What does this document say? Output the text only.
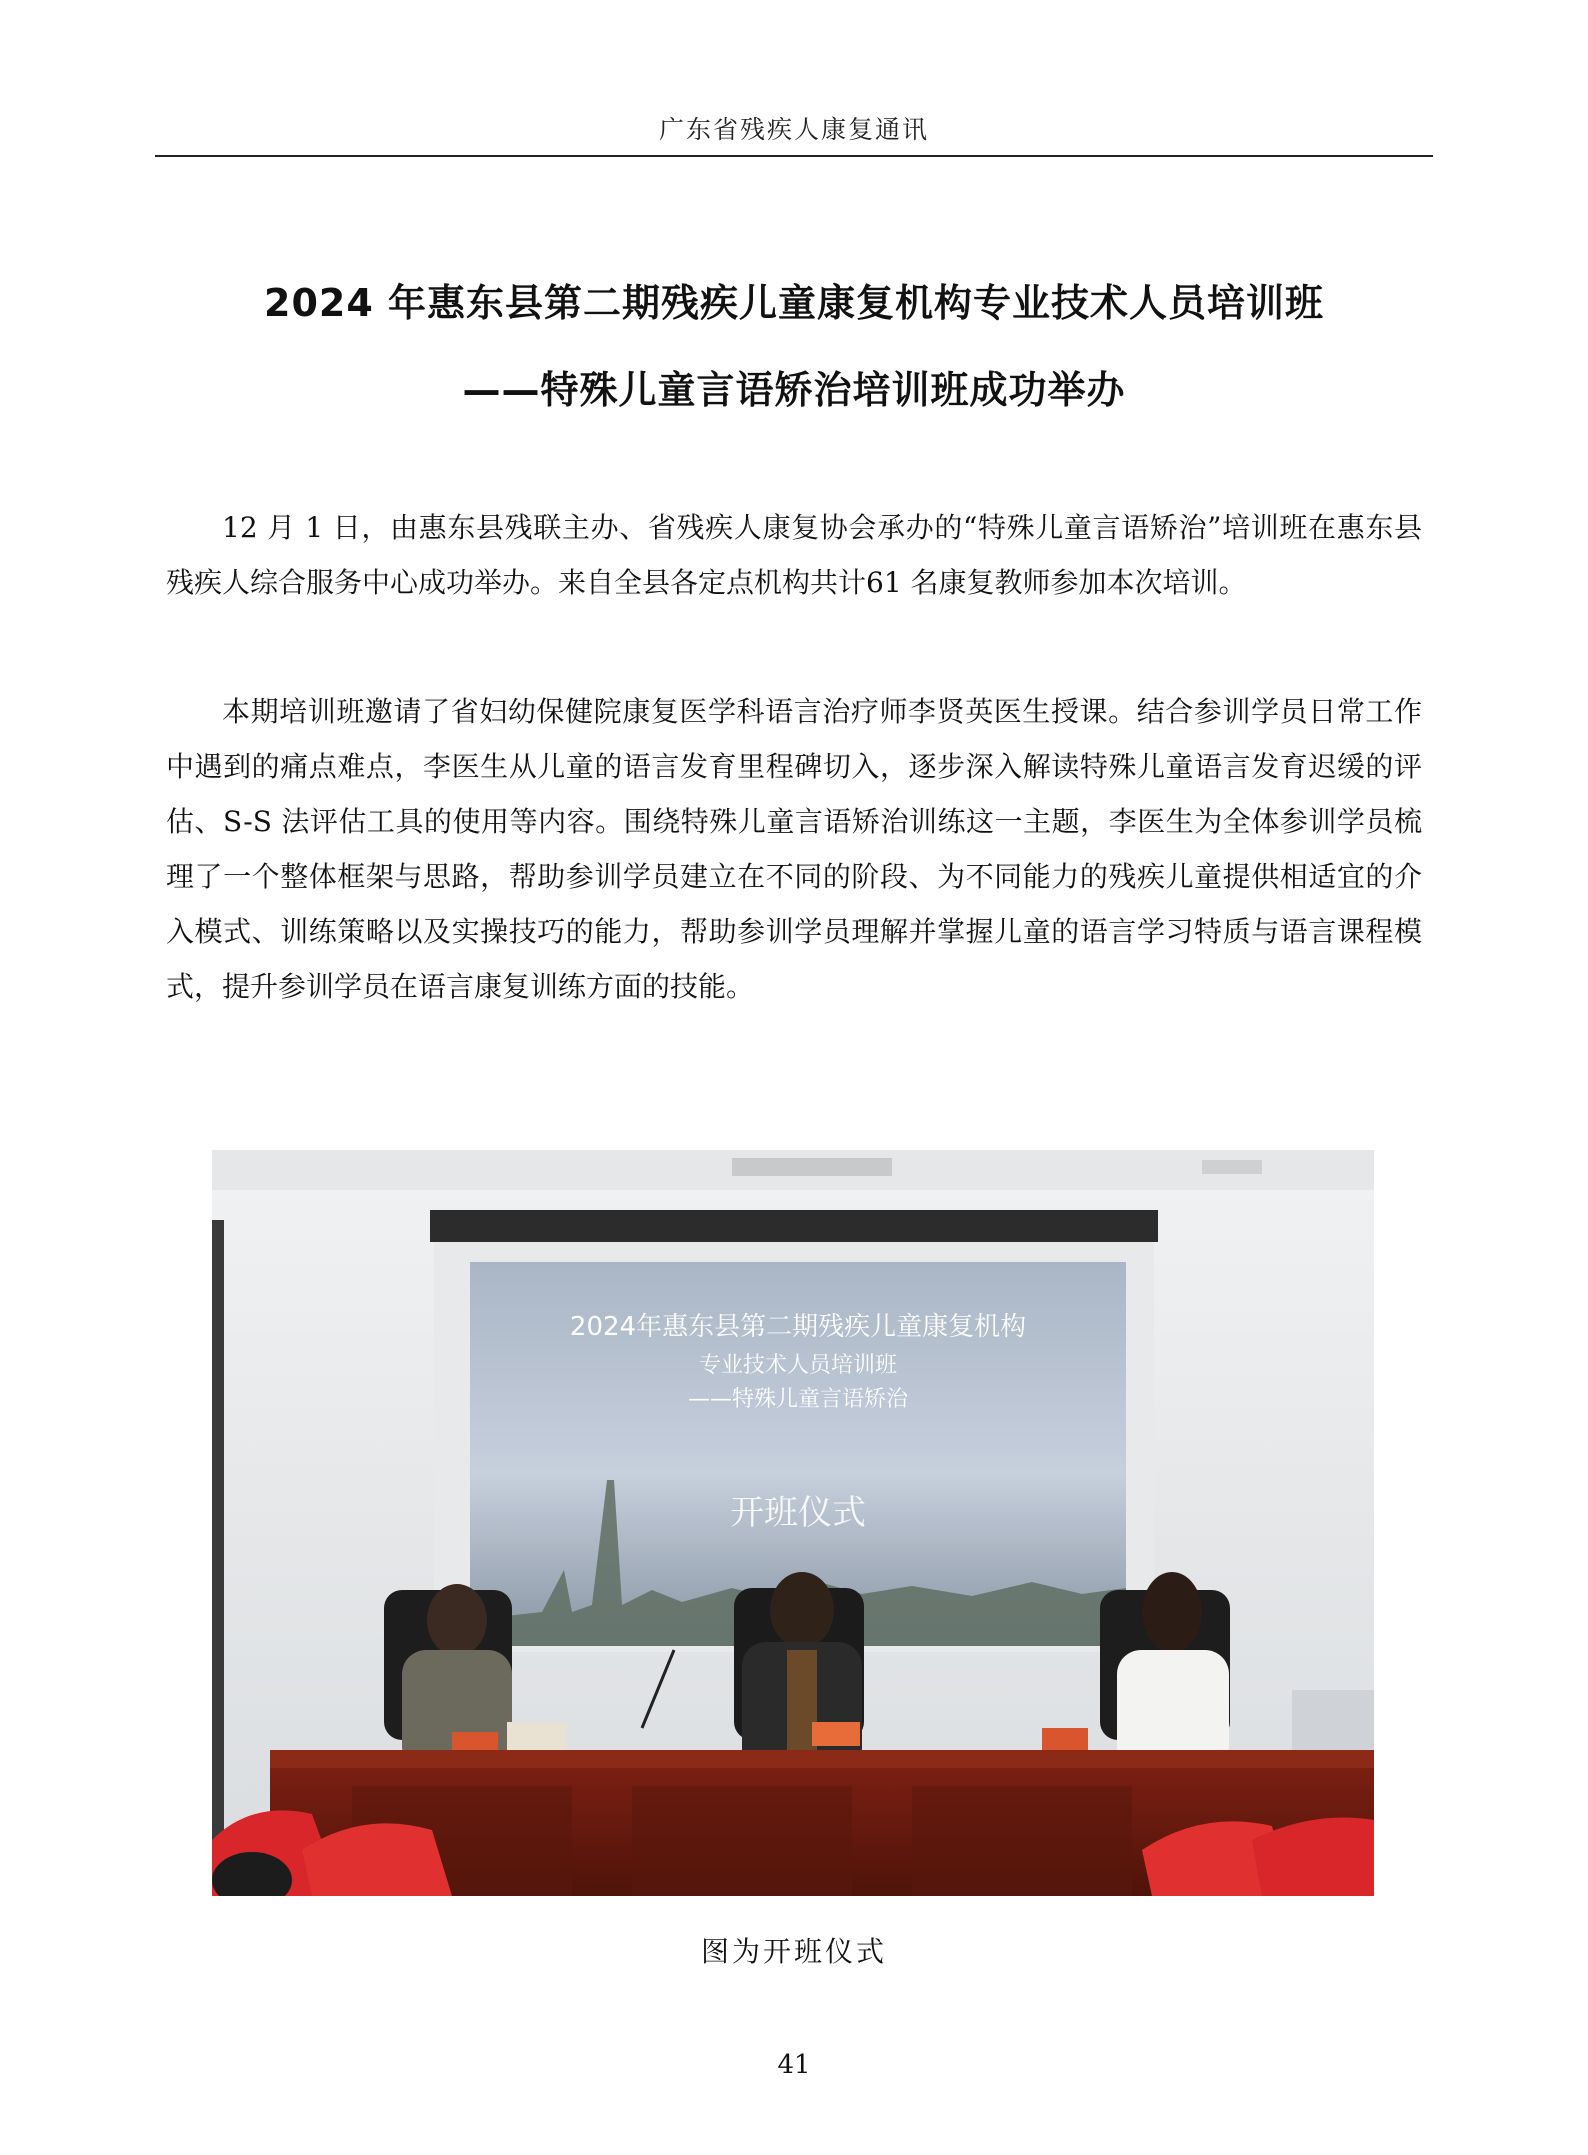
广东省残疾人康复通讯
2024 年惠东县第二期残疾儿童康复机构专业技术人员培训班
——特殊儿童言语矫治培训班成功举办

12 月 1 日，由惠东县残联主办、省残疾人康复协会承办的“特殊儿童言语矫治”培训班在惠东县残疾人综合服务中心成功举办。来自全县各定点机构共计61 名康复教师参加本次培训。

本期培训班邀请了省妇幼保健院康复医学科语言治疗师李贤英医生授课。结合参训学员日常工作中遇到的痛点难点，李医生从儿童的语言发育里程碑切入，逐步深入解读特殊儿童语言发育迟缓的评估、S-S 法评估工具的使用等内容。围绕特殊儿童言语矫治训练这一主题，李医生为全体参训学员梳理了一个整体框架与思路，帮助参训学员建立在不同的阶段、为不同能力的残疾儿童提供相适宜的介入模式、训练策略以及实操技巧的能力，帮助参训学员理解并掌握儿童的语言学习特质与语言课程模式，提升参训学员在语言康复训练方面的技能。

2024年惠东县第二期残疾儿童康复机构
专业技术人员培训班
——特殊儿童言语矫治
开班仪式
图为开班仪式
41
